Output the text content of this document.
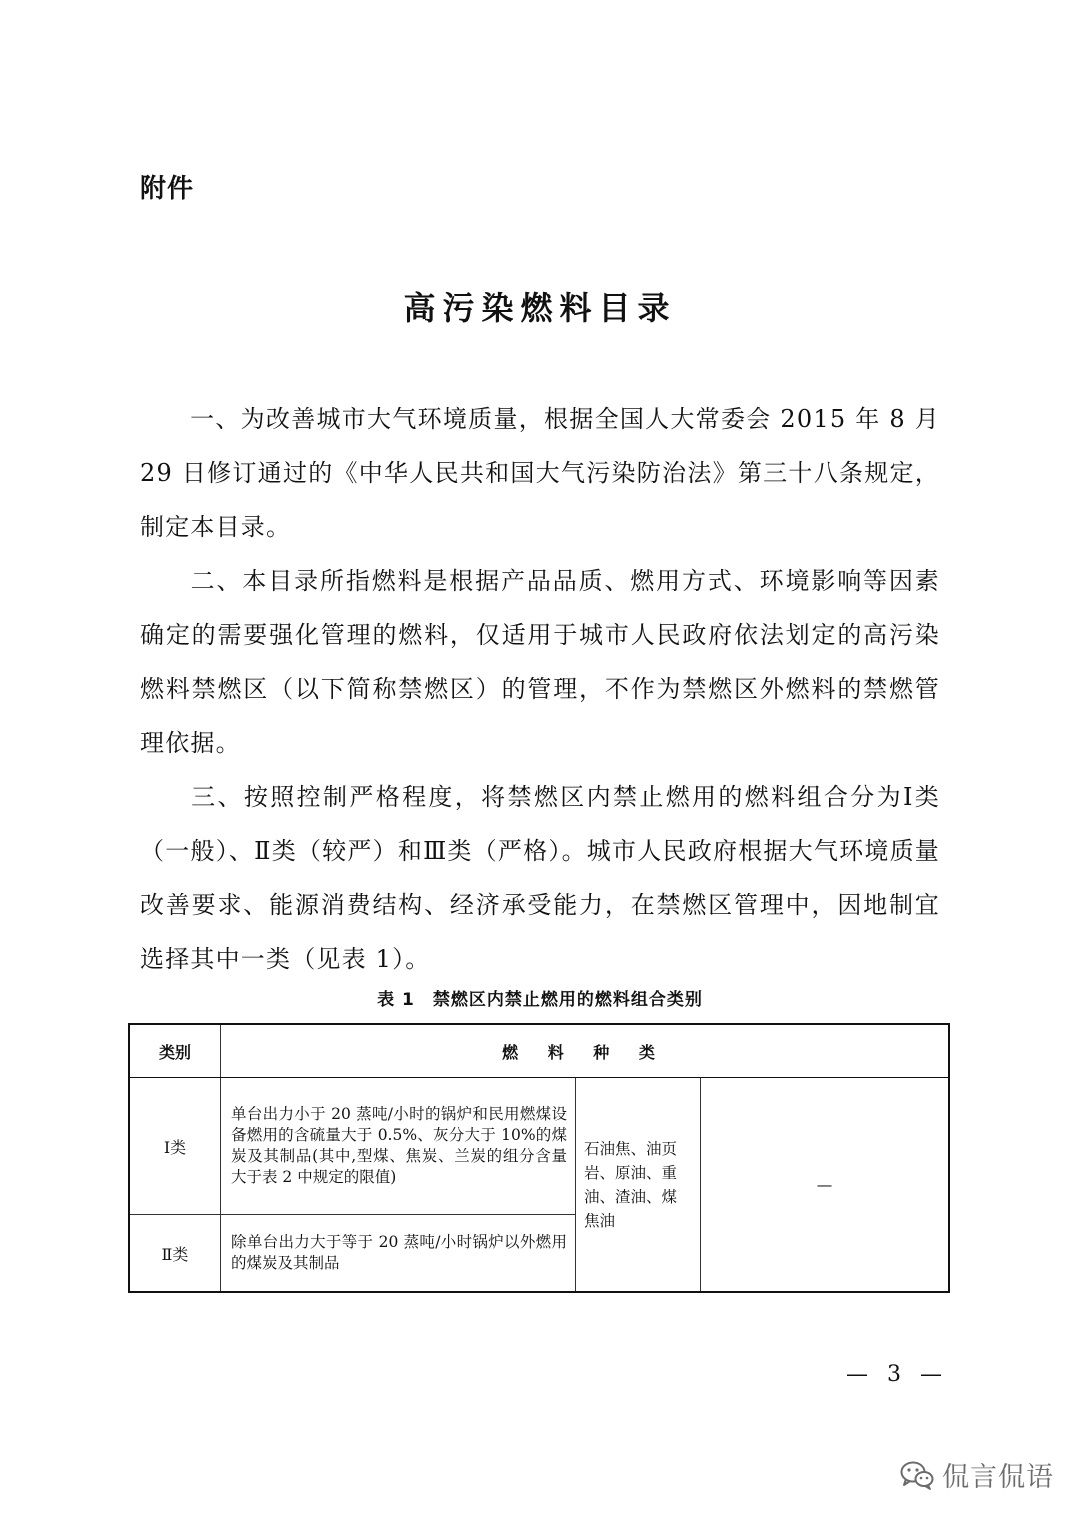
附件
高污染燃料目录

一、为改善城市大气环境质量，根据全国人大常委会 2015 年 8 月 29 日修订通过的《中华人民共和国大气污染防治法》第三十八条规定，制定本目录。

二、本目录所指燃料是根据产品品质、燃用方式、环境影响等因素确定的需要强化管理的燃料，仅适用于城市人民政府依法划定的高污染燃料禁燃区（以下简称禁燃区）的管理，不作为禁燃区外燃料的禁燃管理依据。

三、按照控制严格程度，将禁燃区内禁止燃用的燃料组合分为Ⅰ类（一般）、Ⅱ类（较严）和Ⅲ类（严格）。城市人民政府根据大气环境质量改善要求、能源消费结构、经济承受能力，在禁燃区管理中，因地制宜选择其中一类（见表 1）。

表 1　禁燃区内禁止燃用的燃料组合类别
类别	燃 料 种 类		
Ⅰ类	单台出力小于 20 蒸吨/小时的锅炉和民用燃煤设备燃用的含硫量大于 0.5%、灰分大于 10%的煤炭及其制品(其中,型煤、焦炭、兰炭的组分含量大于表 2 中规定的限值)	石油焦、油页岩、原油、重油、渣油、煤焦油	—
Ⅱ类	除单台出力大于等于 20 蒸吨/小时锅炉以外燃用的煤炭及其制品		
— 3 —
侃言侃语
